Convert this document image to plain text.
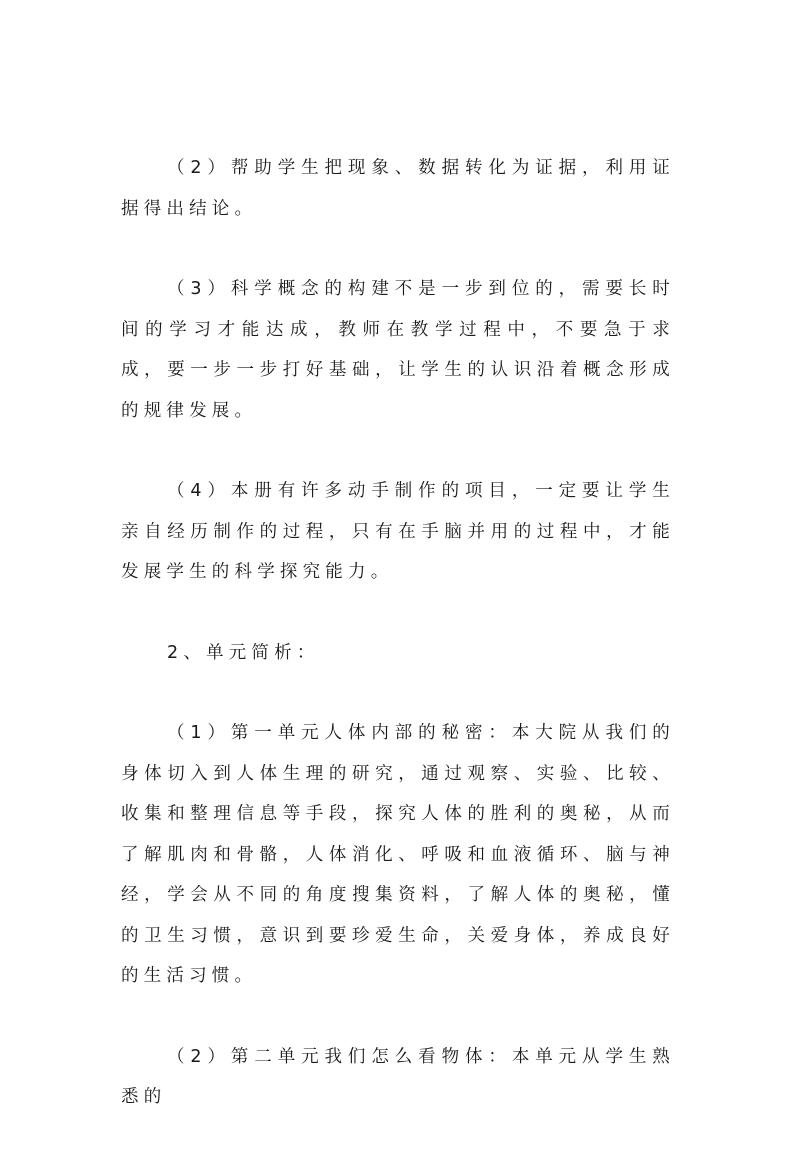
（2）帮助学生把现象、数据转化为证据，利用证据得出结论。

（3）科学概念的构建不是一步到位的，需要长时间的学习才能达成，教师在教学过程中，不要急于求成，要一步一步打好基础，让学生的认识沿着概念形成的规律发展。

（4）本册有许多动手制作的项目，一定要让学生亲自经历制作的过程，只有在手脑并用的过程中，才能发展学生的科学探究能力。

2、单元简析：

（1）第一单元人体内部的秘密：本大院从我们的身体切入到人体生理的研究，通过观察、实验、比较、收集和整理信息等手段，探究人体的胜利的奥秘，从而了解肌肉和骨骼，人体消化、呼吸和血液循环、脑与神经，学会从不同的角度搜集资料，了解人体的奥秘，懂的卫生习惯，意识到要珍爱生命，关爱身体，养成良好的生活习惯。

（2）第二单元我们怎么看物体：本单元从学生熟悉的
